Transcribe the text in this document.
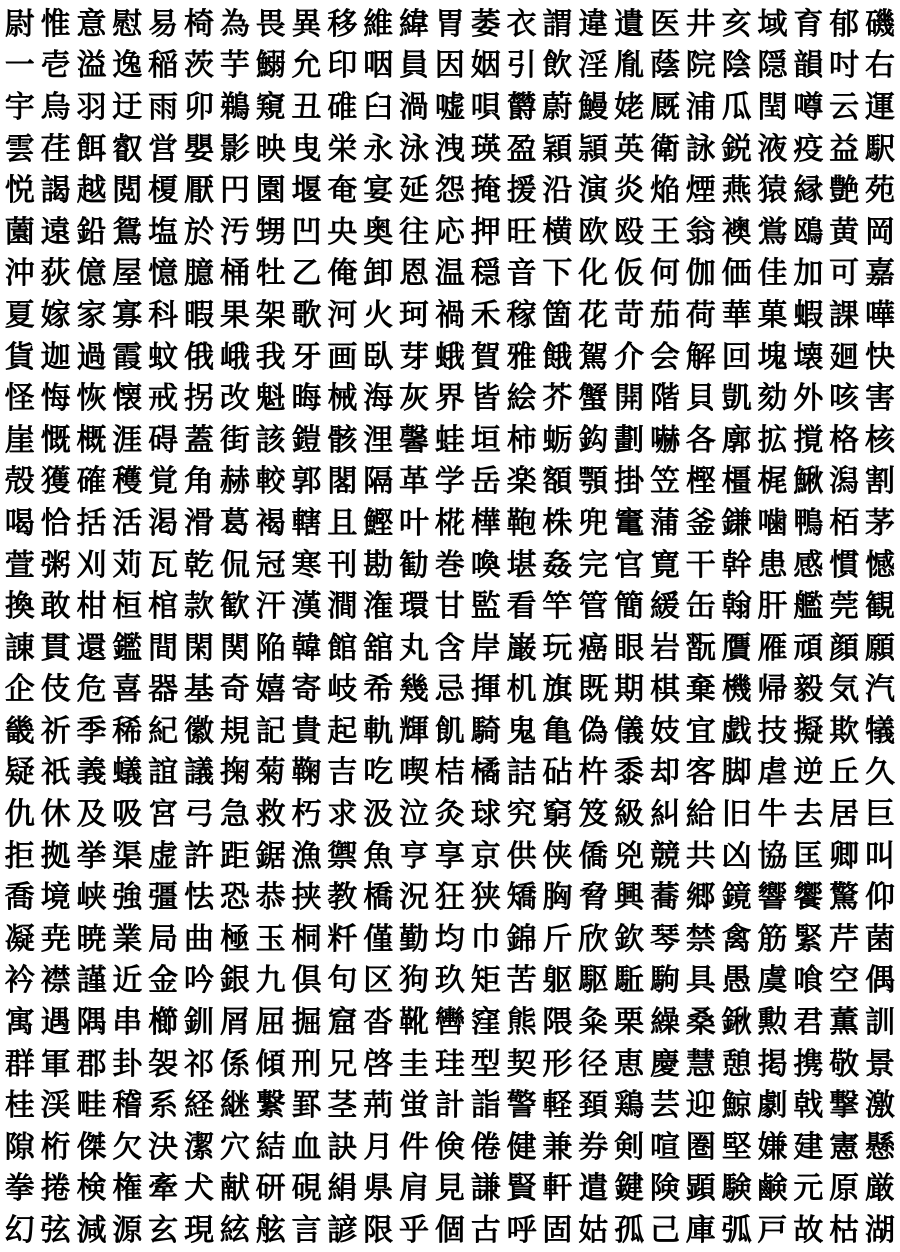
尉 惟 意 慰 易 椅 為 畏 異 移 維 緯 胃 萎 衣 謂 違 遺 医 井 亥 域 育 郁 磯
一 壱 溢 逸 稲 茨 芋 鰯 允 印 咽 員 因 姻 引 飲 淫 胤 蔭 院 陰 隠 韻 吋 右
宇 烏 羽 迂 雨 卯 鵜 窺 丑 碓 臼 渦 嘘 唄 欝 蔚 鰻 姥 厩 浦 瓜 閏 噂 云 運
雲 荏 餌 叡 営 嬰 影 映 曳 栄 永 泳 洩 瑛 盈 穎 頴 英 衛 詠 鋭 液 疫 益 駅
悦 謁 越 閲 榎 厭 円 園 堰 奄 宴 延 怨 掩 援 沿 演 炎 焔 煙 燕 猿 縁 艶 苑
薗 遠 鉛 鴛 塩 於 汚 甥 凹 央 奥 往 応 押 旺 横 欧 殴 王 翁 襖 鴬 鴎 黄 岡
沖 荻 億 屋 憶 臆 桶 牡 乙 俺 卸 恩 温 穏 音 下 化 仮 何 伽 価 佳 加 可 嘉
夏 嫁 家 寡 科 暇 果 架 歌 河 火 珂 禍 禾 稼 箇 花 苛 茄 荷 華 菓 蝦 課 嘩
貨 迦 過 霞 蚊 俄 峨 我 牙 画 臥 芽 蛾 賀 雅 餓 駕 介 会 解 回 塊 壊 廻 快
怪 悔 恢 懐 戒 拐 改 魁 晦 械 海 灰 界 皆 絵 芥 蟹 開 階 貝 凱 劾 外 咳 害
崖 慨 概 涯 碍 蓋 街 該 鎧 骸 浬 馨 蛙 垣 柿 蛎 鈎 劃 嚇 各 廓 拡 撹 格 核
殻 獲 確 穫 覚 角 赫 較 郭 閣 隔 革 学 岳 楽 額 顎 掛 笠 樫 橿 梶 鰍 潟 割
喝 恰 括 活 渇 滑 葛 褐 轄 且 鰹 叶 椛 樺 鞄 株 兜 竃 蒲 釜 鎌 噛 鴨 栢 茅
萱 粥 刈 苅 瓦 乾 侃 冠 寒 刊 勘 勧 巻 喚 堪 姦 完 官 寛 干 幹 患 感 慣 憾
換 敢 柑 桓 棺 款 歓 汗 漢 澗 潅 環 甘 監 看 竿 管 簡 緩 缶 翰 肝 艦 莞 観
諌 貫 還 鑑 間 閑 関 陥 韓 館 舘 丸 含 岸 巌 玩 癌 眼 岩 翫 贋 雁 頑 顔 願
企 伎 危 喜 器 基 奇 嬉 寄 岐 希 幾 忌 揮 机 旗 既 期 棋 棄 機 帰 毅 気 汽
畿 祈 季 稀 紀 徽 規 記 貴 起 軌 輝 飢 騎 鬼 亀 偽 儀 妓 宜 戯 技 擬 欺 犠
疑 祇 義 蟻 誼 議 掬 菊 鞠 吉 吃 喫 桔 橘 詰 砧 杵 黍 却 客 脚 虐 逆 丘 久
仇 休 及 吸 宮 弓 急 救 朽 求 汲 泣 灸 球 究 窮 笈 級 糾 給 旧 牛 去 居 巨
拒 拠 挙 渠 虚 許 距 鋸 漁 禦 魚 亨 享 京 供 侠 僑 兇 競 共 凶 協 匡 卿 叫
喬 境 峡 強 彊 怯 恐 恭 挟 教 橋 況 狂 狭 矯 胸 脅 興 蕎 郷 鏡 響 饗 驚 仰
凝 尭 暁 業 局 曲 極 玉 桐 粁 僅 勤 均 巾 錦 斤 欣 欽 琴 禁 禽 筋 緊 芹 菌
衿 襟 謹 近 金 吟 銀 九 倶 句 区 狗 玖 矩 苦 躯 駆 駈 駒 具 愚 虞 喰 空 偶
寓 遇 隅 串 櫛 釧 屑 屈 掘 窟 沓 靴 轡 窪 熊 隈 粂 栗 繰 桑 鍬 勲 君 薫 訓
群 軍 郡 卦 袈 祁 係 傾 刑 兄 啓 圭 珪 型 契 形 径 恵 慶 慧 憩 掲 携 敬 景
桂 渓 畦 稽 系 経 継 繋 罫 茎 荊 蛍 計 詣 警 軽 頚 鶏 芸 迎 鯨 劇 戟 撃 激
隙 桁 傑 欠 決 潔 穴 結 血 訣 月 件 倹 倦 健 兼 券 剣 喧 圏 堅 嫌 建 憲 懸
拳 捲 検 権 牽 犬 献 研 硯 絹 県 肩 見 謙 賢 軒 遣 鍵 険 顕 験 鹸 元 原 厳
幻 弦 減 源 玄 現 絃 舷 言 諺 限 乎 個 古 呼 固 姑 孤 己 庫 弧 戸 故 枯 湖
